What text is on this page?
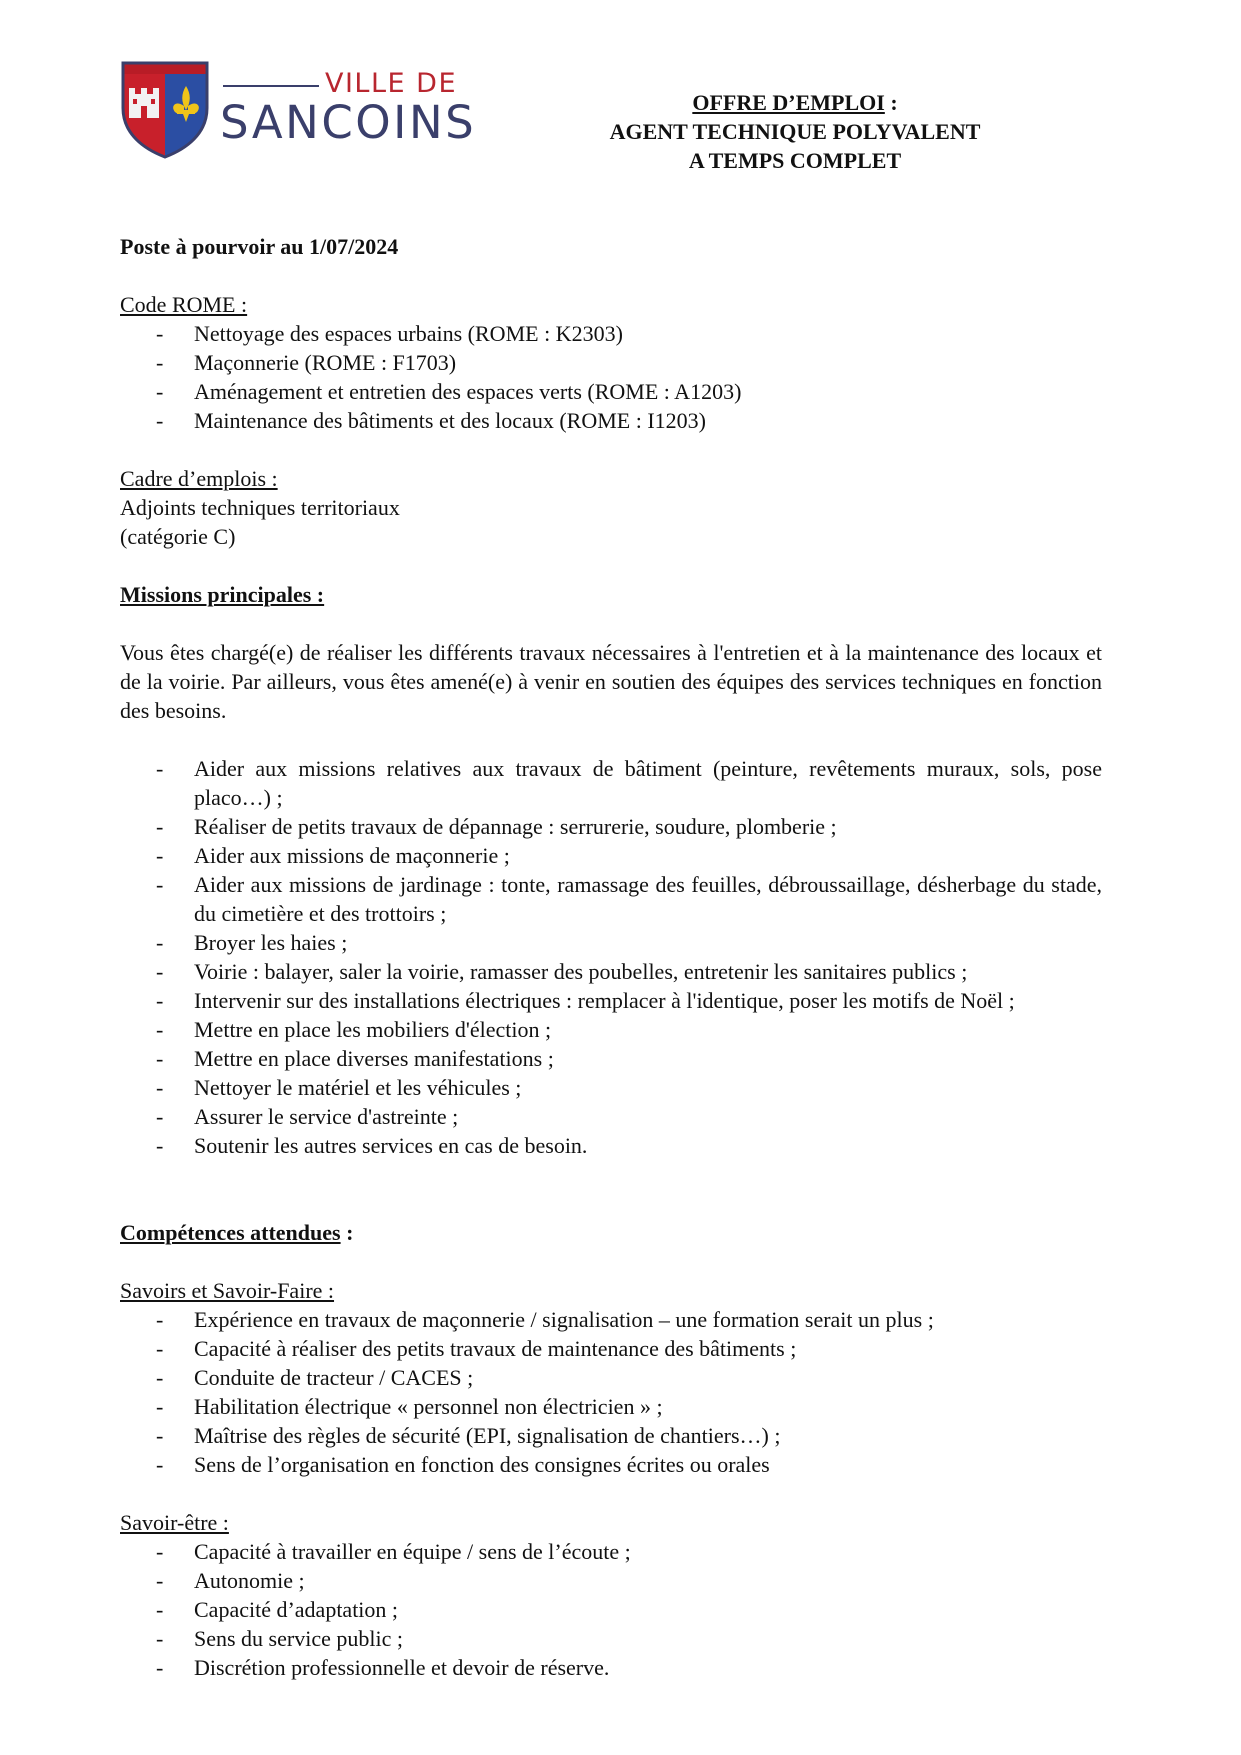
VILLE DE
SANCOINS	OFFRE D’EMPLOI :
AGENT TECHNIQUE POLYVALENT
A TEMPS COMPLET

Poste à pourvoir au 1/07/2024

Code ROME :

- Nettoyage des espaces urbains (ROME : K2303)
- Maçonnerie (ROME : F1703)
- Aménagement et entretien des espaces verts (ROME : A1203)
- Maintenance des bâtiments et des locaux (ROME : I1203)

Cadre d’emplois :

Adjoints techniques territoriaux

(catégorie C)

Missions principales :

Vous êtes chargé(e) de réaliser les différents travaux nécessaires à l'entretien et à la maintenance des locaux et de la voirie. Par ailleurs, vous êtes amené(e) à venir en soutien des équipes des services techniques en fonction des besoins.

- Aider aux missions relatives aux travaux de bâtiment (peinture, revêtements muraux, sols, pose placo…) ;
- Réaliser de petits travaux de dépannage : serrurerie, soudure, plomberie ;
- Aider aux missions de maçonnerie ;
- Aider aux missions de jardinage : tonte, ramassage des feuilles, débroussaillage, désherbage du stade, du cimetière et des trottoirs ;
- Broyer les haies ;
- Voirie : balayer, saler la voirie, ramasser des poubelles, entretenir les sanitaires publics ;
- Intervenir sur des installations électriques : remplacer à l'identique, poser les motifs de Noël ;
- Mettre en place les mobiliers d'élection ;
- Mettre en place diverses manifestations ;
- Nettoyer le matériel et les véhicules ;
- Assurer le service d'astreinte ;
- Soutenir les autres services en cas de besoin.

Compétences attendues :

Savoirs et Savoir-Faire :

- Expérience en travaux de maçonnerie / signalisation – une formation serait un plus ;
- Capacité à réaliser des petits travaux de maintenance des bâtiments ;
- Conduite de tracteur / CACES ;
- Habilitation électrique « personnel non électricien » ;
- Maîtrise des règles de sécurité (EPI, signalisation de chantiers…) ;
- Sens de l’organisation en fonction des consignes écrites ou orales

Savoir-être :

- Capacité à travailler en équipe / sens de l’écoute ;
- Autonomie ;
- Capacité d’adaptation ;
- Sens du service public ;
- Discrétion professionnelle et devoir de réserve.
